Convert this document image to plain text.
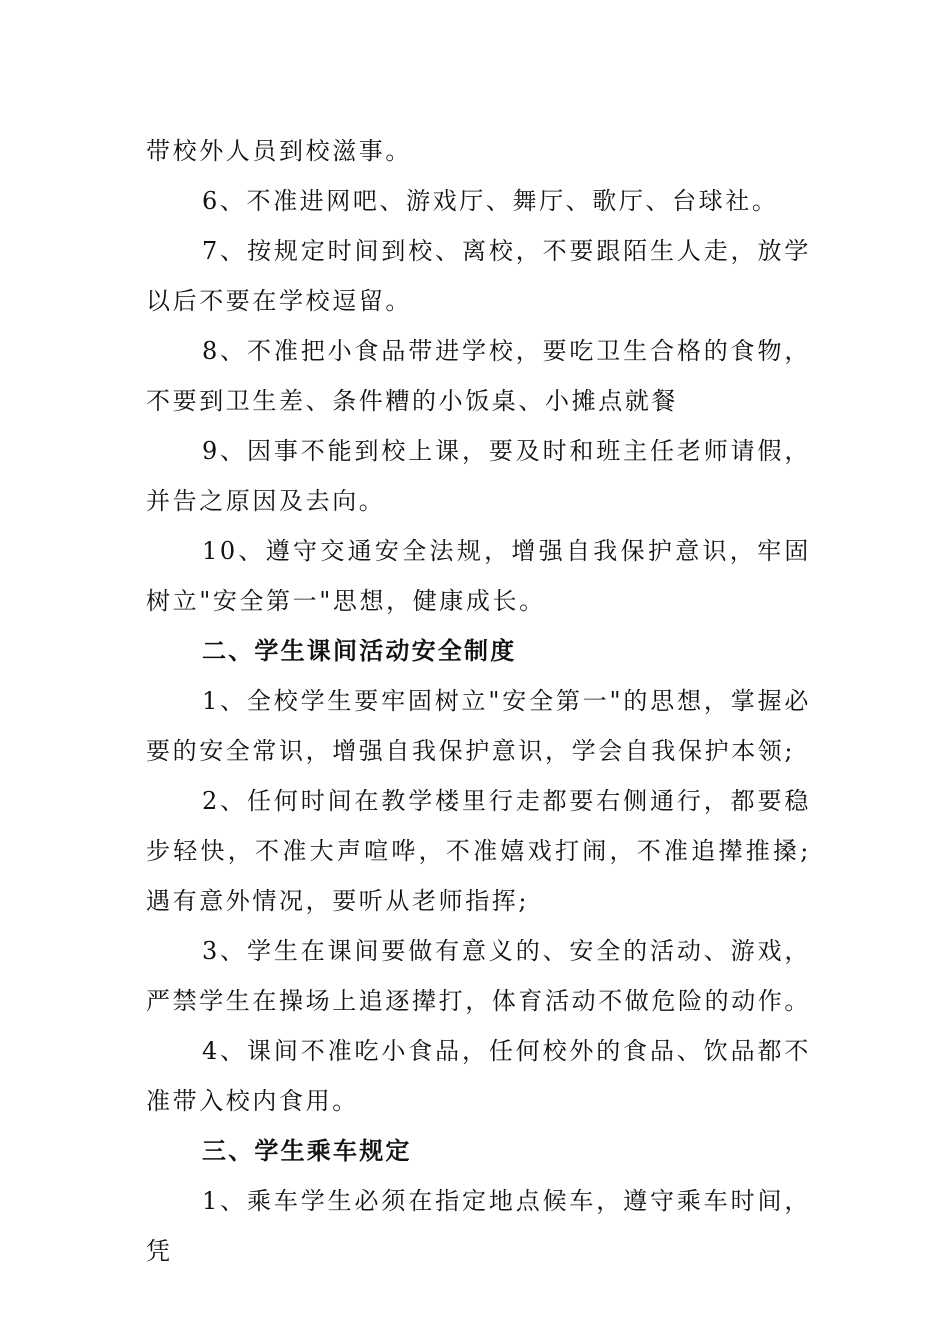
带校外人员到校滋事。

6、不准进网吧、游戏厅、舞厅、歌厅、台球社。

7、按规定时间到校、离校，不要跟陌生人走，放学以后不要在学校逗留。

8、不准把小食品带进学校，要吃卫生合格的食物，不要到卫生差、条件糟的小饭桌、小摊点就餐

9、因事不能到校上课，要及时和班主任老师请假，并告之原因及去向。

10、遵守交通安全法规，增强自我保护意识，牢固树立"安全第一"思想，健康成长。

二、学生课间活动安全制度

1、全校学生要牢固树立"安全第一"的思想，掌握必要的安全常识，增强自我保护意识，学会自我保护本领;

2、任何时间在教学楼里行走都要右侧通行，都要稳步轻快，不准大声喧哗，不准嬉戏打闹，不准追撵推搡;遇有意外情况，要听从老师指挥;

3、学生在课间要做有意义的、安全的活动、游戏，严禁学生在操场上追逐撵打，体育活动不做危险的动作。

4、课间不准吃小食品，任何校外的食品、饮品都不准带入校内食用。

三、学生乘车规定

1、乘车学生必须在指定地点候车，遵守乘车时间，凭
